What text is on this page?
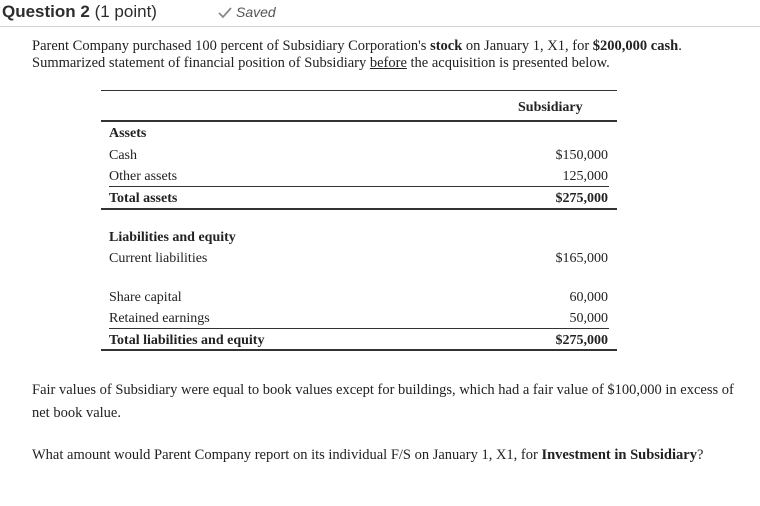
Question 2 (1 point)	Saved
Parent Company purchased 100 percent of Subsidiary Corporation's stock on January 1, X1, for $200,000 cash. Summarized statement of financial position of Subsidiary before the acquisition is presented below.
Subsidiary
Assets
Cash	$150,000
Other assets	125,000
Total assets	$275,000
Liabilities and equity
Current liabilities	$165,000
Share capital	60,000
Retained earnings	50,000
Total liabilities and equity	$275,000
Fair values of Subsidiary were equal to book values except for buildings, which had a fair value of $100,000 in excess of net book value.
What amount would Parent Company report on its individual F/S on January 1, X1, for Investment in Subsidiary?
